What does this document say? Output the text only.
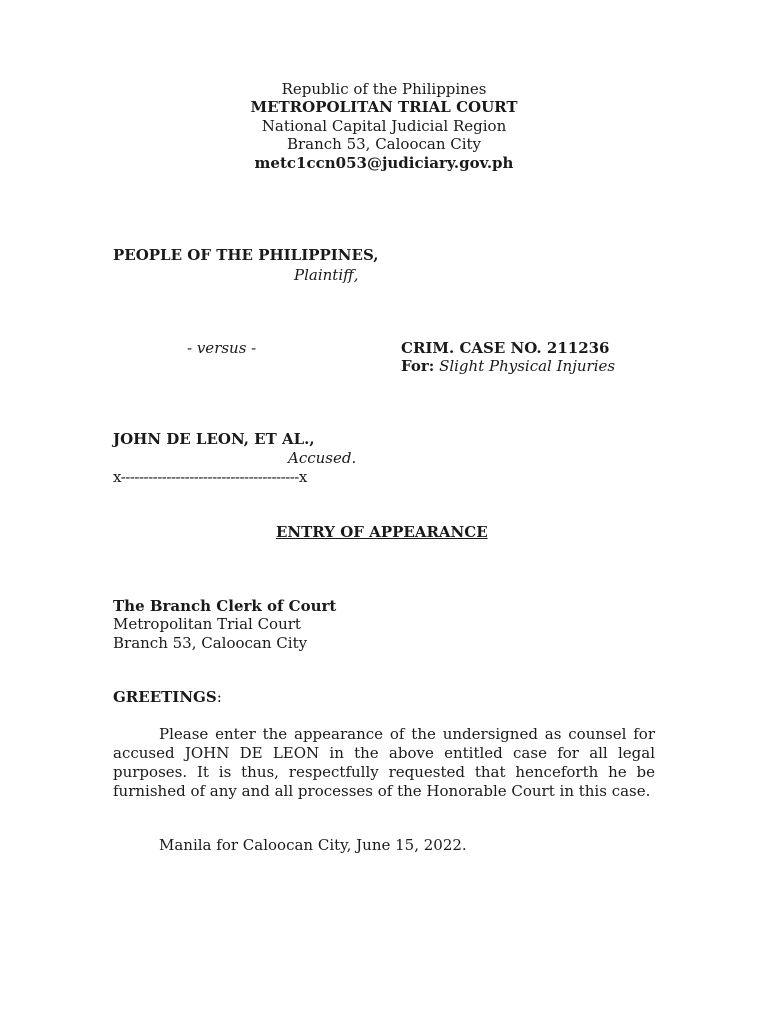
Republic of the Philippines
METROPOLITAN TRIAL COURT
National Capital Judicial Region
Branch 53, Caloocan City
metc1ccn053@judiciary.gov.ph
PEOPLE OF THE PHILIPPINES,
Plaintiff,
- versus -	CRIM. CASE NO. 211236
For: Slight Physical Injuries
JOHN DE LEON, ET AL.,
Accused.
x---------------------------------------x
ENTRY OF APPEARANCE
The Branch Clerk of Court
Metropolitan Trial Court
Branch 53, Caloocan City
GREETINGS:
Please enter the appearance of the undersigned as counsel for accused JOHN DE LEON in the above entitled case for all legal purposes. It is thus, respectfully requested that henceforth he be furnished of any and all processes of the Honorable Court in this case.
Manila for Caloocan City, June 15, 2022.
